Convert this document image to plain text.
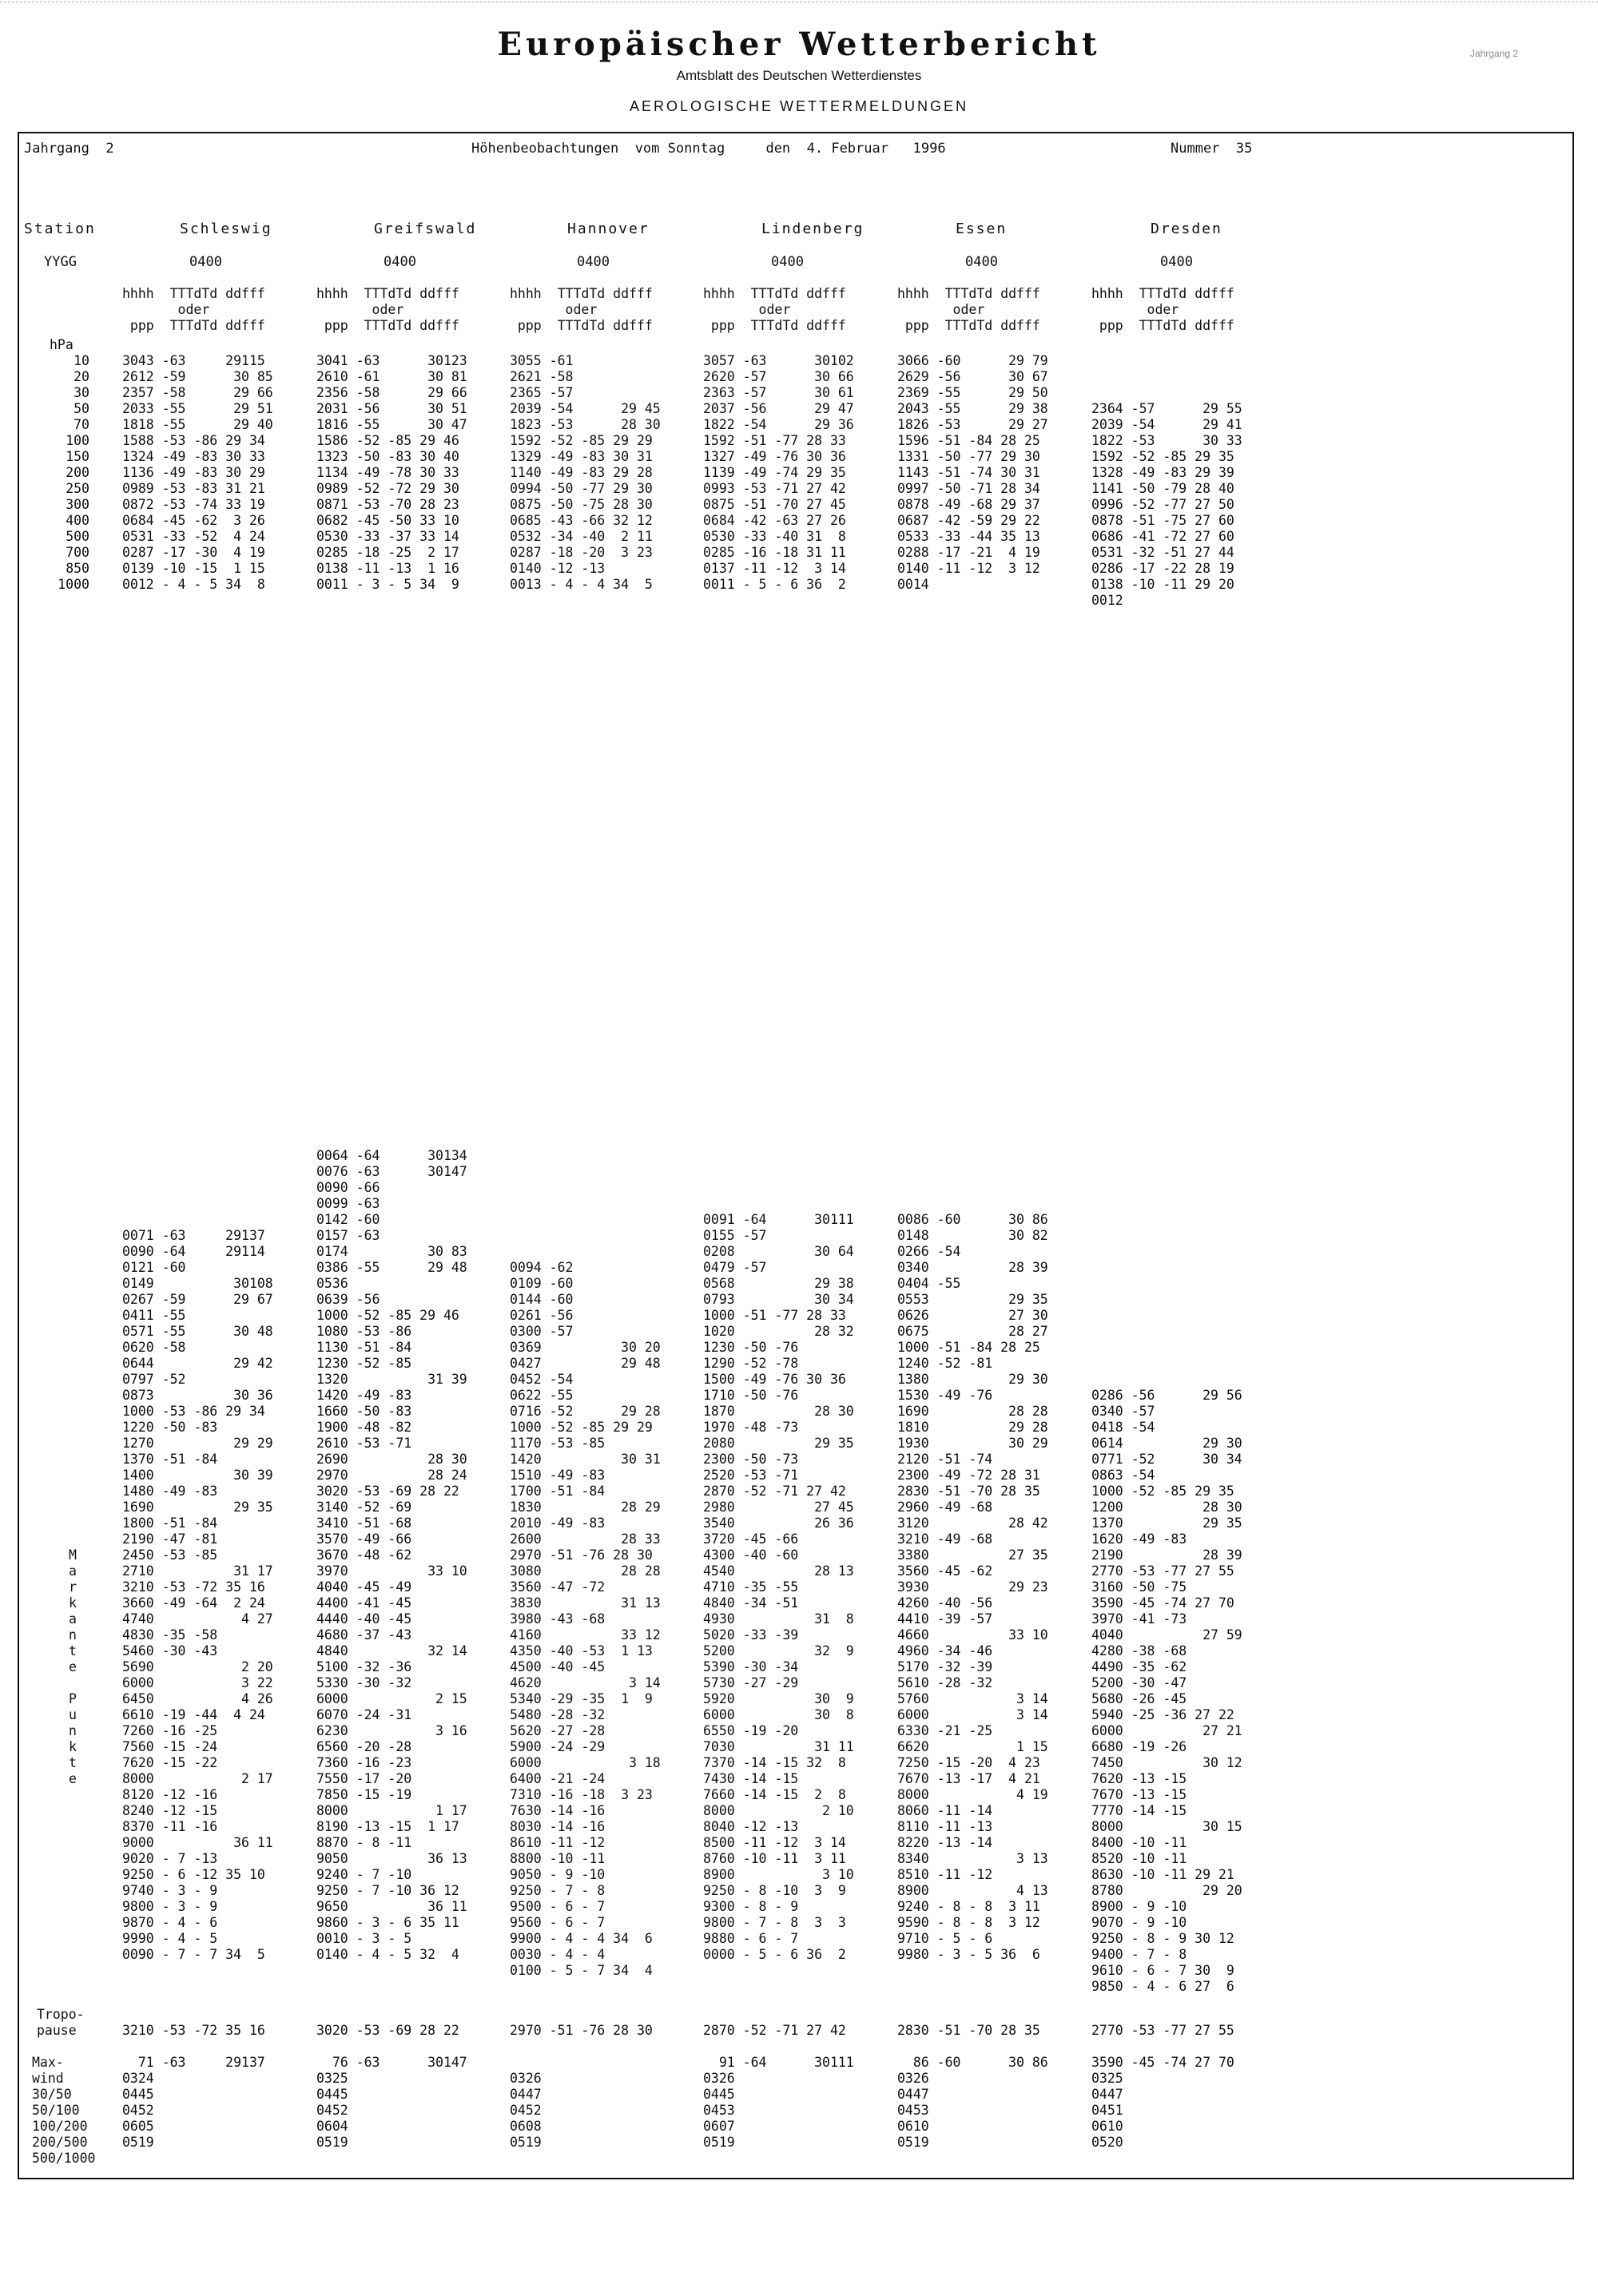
Europäischer Wetterbericht
Amtsblatt des Deutschen Wetterdienstes
AEROLOGISCHE WETTERMELDUNGEN
Jahrgang 2
Jahrgang  2	Höhenbeobachtungen  vom Sonntag     den  4. Februar   1996	Nummer  35
Station
YYGG
hPa
10
20
30
50
70
100
150
200
250
300
400
500
700
850
1000
M
a
r
k
a
n
t
e

P
u
n
k
t
e
Tropo-
pause
Max-
wind
30/50
50/100
100/200
200/500
500/1000
Schleswig
0400
hhhh  TTTdTd ddfff
oder
ppp  TTTdTd ddfff
3043 -63     29115
2612 -59      30 85
2357 -58      29 66
2033 -55      29 51
1818 -55      29 40
1588 -53 -86 29 34
1324 -49 -83 30 33
1136 -49 -83 30 29
0989 -53 -83 31 21
0872 -53 -74 33 19
0684 -45 -62  3 26
0531 -33 -52  4 24
0287 -17 -30  4 19
0139 -10 -15  1 15
0012 - 4 - 5 34  8

0071 -63     29137
0090 -64     29114
0121 -60
0149          30108
0267 -59      29 67
0411 -55
0571 -55      30 48
0620 -58
0644          29 42
0797 -52
0873          30 36
1000 -53 -86 29 34
1220 -50 -83
1270          29 29
1370 -51 -84
1400          30 39
1480 -49 -83
1690          29 35
1800 -51 -84
2190 -47 -81
2450 -53 -85
2710          31 17
3210 -53 -72 35 16
3660 -49 -64  2 24
4740           4 27
4830 -35 -58
5460 -30 -43
5690           2 20
6000           3 22
6450           4 26
6610 -19 -44  4 24
7260 -16 -25
7560 -15 -24
7620 -15 -22
8000           2 17
8120 -12 -16
8240 -12 -15
8370 -11 -16
9000          36 11
9020 - 7 -13
9250 - 6 -12 35 10
9740 - 3 - 9
9800 - 3 - 9
9870 - 4 - 6
9990 - 4 - 5
0090 - 7 - 7 34  5
3210 -53 -72 35 16
71 -63     29137
0324
0445
0452
0605
0519
Greifswald
0400
hhhh  TTTdTd ddfff
oder
ppp  TTTdTd ddfff
3041 -63      30123
2610 -61      30 81
2356 -58      29 66
2031 -56      30 51
1816 -55      30 47
1586 -52 -85 29 46
1323 -50 -83 30 40
1134 -49 -78 30 33
0989 -52 -72 29 30
0871 -53 -70 28 23
0682 -45 -50 33 10
0530 -33 -37 33 14
0285 -18 -25  2 17
0138 -11 -13  1 16
0011 - 3 - 5 34  9
0064 -64      30134
0076 -63      30147
0090 -66
0099 -63
0142 -60
0157 -63
0174          30 83
0386 -55      29 48
0536
0639 -56
1000 -52 -85 29 46
1080 -53 -86
1130 -51 -84
1230 -52 -85
1320          31 39
1420 -49 -83
1660 -50 -83
1900 -48 -82
2610 -53 -71
2690          28 30
2970          28 24
3020 -53 -69 28 22
3140 -52 -69
3410 -51 -68
3570 -49 -66
3670 -48 -62
3970          33 10
4040 -45 -49
4400 -41 -45
4440 -40 -45
4680 -37 -43
4840          32 14
5100 -32 -36
5330 -30 -32
6000           2 15
6070 -24 -31
6230           3 16
6560 -20 -28
7360 -16 -23
7550 -17 -20
7850 -15 -19
8000           1 17
8190 -13 -15  1 17
8870 - 8 -11
9050          36 13
9240 - 7 -10
9250 - 7 -10 36 12
9650          36 11
9860 - 3 - 6 35 11
0010 - 3 - 5
0140 - 4 - 5 32  4
3020 -53 -69 28 22
76 -63      30147
0325
0445
0452
0604
0519
Hannover
0400
hhhh  TTTdTd ddfff
oder
ppp  TTTdTd ddfff
3055 -61
2621 -58
2365 -57
2039 -54      29 45
1823 -53      28 30
1592 -52 -85 29 29
1329 -49 -83 30 31
1140 -49 -83 29 28
0994 -50 -77 29 30
0875 -50 -75 28 30
0685 -43 -66 32 12
0532 -34 -40  2 11
0287 -18 -20  3 23
0140 -12 -13
0013 - 4 - 4 34  5

0094 -62
0109 -60
0144 -60
0261 -56
0300 -57
0369          30 20
0427          29 48
0452 -54
0622 -55
0716 -52      29 28
1000 -52 -85 29 29
1170 -53 -85
1420          30 31
1510 -49 -83
1700 -51 -84
1830          28 29
2010 -49 -83
2600          28 33
2970 -51 -76 28 30
3080          28 28
3560 -47 -72
3830          31 13
3980 -43 -68
4160          33 12
4350 -40 -53  1 13
4500 -40 -45
4620           3 14
5340 -29 -35  1  9
5480 -28 -32
5620 -27 -28
5900 -24 -29
6000           3 18
6400 -21 -24
7310 -16 -18  3 23
7630 -14 -16
8030 -14 -16
8610 -11 -12
8800 -10 -11
9050 - 9 -10
9250 - 7 - 8
9500 - 6 - 7
9560 - 6 - 7
9900 - 4 - 4 34  6
0030 - 4 - 4
0100 - 5 - 7 34  4
2970 -51 -76 28 30

0326
0447
0452
0608
0519
Lindenberg
0400
hhhh  TTTdTd ddfff
oder
ppp  TTTdTd ddfff
3057 -63      30102
2620 -57      30 66
2363 -57      30 61
2037 -56      29 47
1822 -54      29 36
1592 -51 -77 28 33
1327 -49 -76 30 36
1139 -49 -74 29 35
0993 -53 -71 27 42
0875 -51 -70 27 45
0684 -42 -63 27 26
0530 -33 -40 31  8
0285 -16 -18 31 11
0137 -11 -12  3 14
0011 - 5 - 6 36  2

0091 -64      30111
0155 -57
0208          30 64
0479 -57
0568          29 38
0793          30 34
1000 -51 -77 28 33
1020          28 32
1230 -50 -76
1290 -52 -78
1500 -49 -76 30 36
1710 -50 -76
1870          28 30
1970 -48 -73
2080          29 35
2300 -50 -73
2520 -53 -71
2870 -52 -71 27 42
2980          27 45
3540          26 36
3720 -45 -66
4300 -40 -60
4540          28 13
4710 -35 -55
4840 -34 -51
4930          31  8
5020 -33 -39
5200          32  9
5390 -30 -34
5730 -27 -29
5920          30  9
6000          30  8
6550 -19 -20
7030          31 11
7370 -14 -15 32  8
7430 -14 -15
7660 -14 -15  2  8
8000           2 10
8040 -12 -13
8500 -11 -12  3 14
8760 -10 -11  3 11
8900           3 10
9250 - 8 -10  3  9
9300 - 8 - 9
9800 - 7 - 8  3  3
9880 - 6 - 7
0000 - 5 - 6 36  2
2870 -52 -71 27 42
91 -64      30111
0326
0445
0453
0607
0519
Essen
0400
hhhh  TTTdTd ddfff
oder
ppp  TTTdTd ddfff
3066 -60      29 79
2629 -56      30 67
2369 -55      29 50
2043 -55      29 38
1826 -53      29 27
1596 -51 -84 28 25
1331 -50 -77 29 30
1143 -51 -74 30 31
0997 -50 -71 28 34
0878 -49 -68 29 37
0687 -42 -59 29 22
0533 -33 -44 35 13
0288 -17 -21  4 19
0140 -11 -12  3 12
0014

0086 -60      30 86
0148          30 82
0266 -54
0340          28 39
0404 -55
0553          29 35
0626          27 30
0675          28 27
1000 -51 -84 28 25
1240 -52 -81
1380          29 30
1530 -49 -76
1690          28 28
1810          29 28
1930          30 29
2120 -51 -74
2300 -49 -72 28 31
2830 -51 -70 28 35
2960 -49 -68
3120          28 42
3210 -49 -68
3380          27 35
3560 -45 -62
3930          29 23
4260 -40 -56
4410 -39 -57
4660          33 10
4960 -34 -46
5170 -32 -39
5610 -28 -32
5760           3 14
6000           3 14
6330 -21 -25
6620           1 15
7250 -15 -20  4 23
7670 -13 -17  4 21
8000           4 19
8060 -11 -14
8110 -11 -13
8220 -13 -14
8340           3 13
8510 -11 -12
8900           4 13
9240 - 8 - 8  3 11
9590 - 8 - 8  3 12
9710 - 5 - 6
9980 - 3 - 5 36  6
2830 -51 -70 28 35
86 -60      30 86
0326
0447
0453
0610
0519
Dresden
0400
hhhh  TTTdTd ddfff
oder
ppp  TTTdTd ddfff

2364 -57      29 55
2039 -54      29 41
1822 -53      30 33
1592 -52 -85 29 35
1328 -49 -83 29 39
1141 -50 -79 28 40
0996 -52 -77 27 50
0878 -51 -75 27 60
0686 -41 -72 27 60
0531 -32 -51 27 44
0286 -17 -22 28 19
0138 -10 -11 29 20
0012

0286 -56      29 56
0340 -57
0418 -54
0614          29 30
0771 -52      30 34
0863 -54
1000 -52 -85 29 35
1200          28 30
1370          29 35
1620 -49 -83
2190          28 39
2770 -53 -77 27 55
3160 -50 -75
3590 -45 -74 27 70
3970 -41 -73
4040          27 59
4280 -38 -68
4490 -35 -62
5200 -30 -47
5680 -26 -45
5940 -25 -36 27 22
6000          27 21
6680 -19 -26
7450          30 12
7620 -13 -15
7670 -13 -15
7770 -14 -15
8000          30 15
8400 -10 -11
8520 -10 -11
8630 -10 -11 29 21
8780          29 20
8900 - 9 -10
9070 - 9 -10
9250 - 8 - 9 30 12
9400 - 7 - 8
9610 - 6 - 7 30  9
9850 - 4 - 6 27  6
2770 -53 -77 27 55
3590 -45 -74 27 70
0325
0447
0451
0610
0520
